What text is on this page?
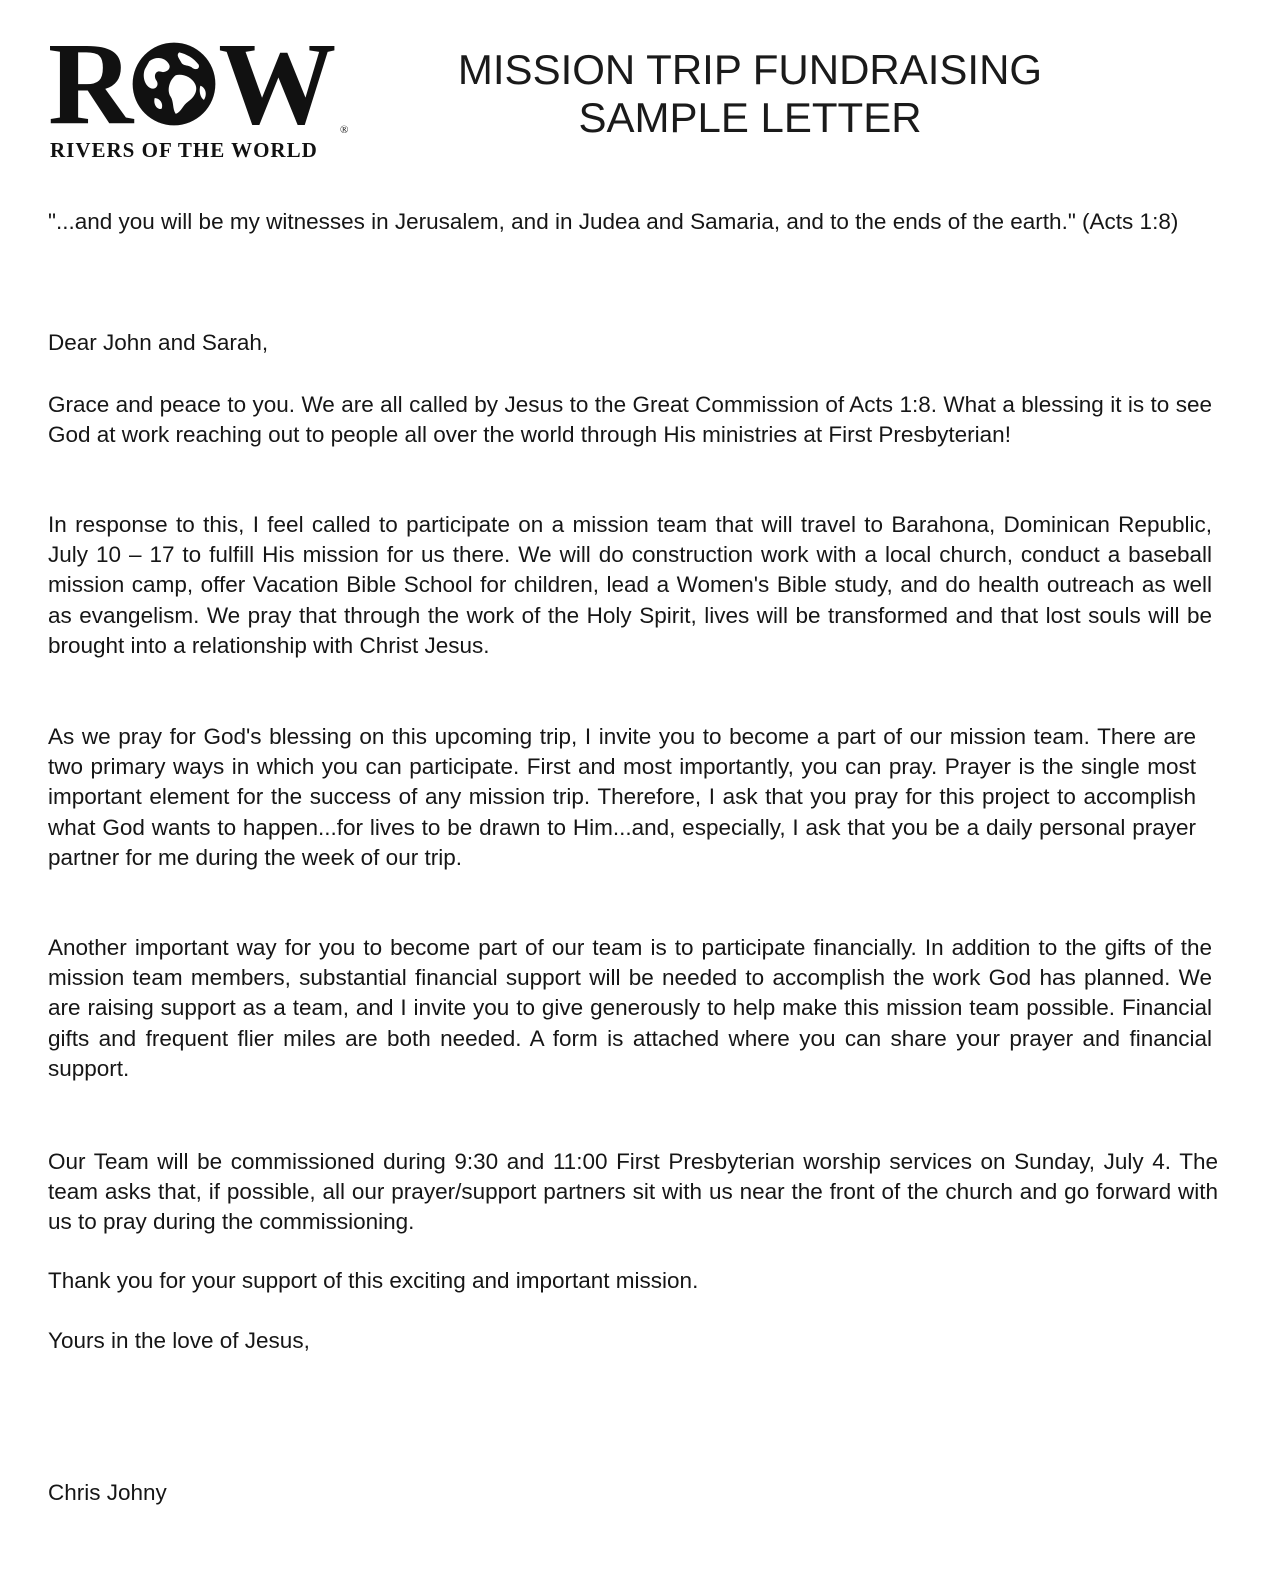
R W ®
RIVERS OF THE WORLD
MISSION TRIP FUNDRAISING
SAMPLE LETTER

"...and you will be my witnesses in Jerusalem, and in Judea and Samaria, and to the ends of the earth." (Acts 1:8)

Dear John and Sarah,

Grace and peace to you. We are all called by Jesus to the Great Commission of Acts 1:8. What a blessing it is to see God at work reaching out to people all over the world through His ministries at First Presbyterian!

In response to this, I feel called to participate on a mission team that will travel to Barahona, Dominican Republic, July 10 – 17 to fulfill His mission for us there. We will do construction work with a local church, conduct a baseball mission camp, offer Vacation Bible School for children, lead a Women's Bible study, and do health outreach as well as evangelism. We pray that through the work of the Holy Spirit, lives will be transformed and that lost souls will be brought into a relationship with Christ Jesus.

As we pray for God's blessing on this upcoming trip, I invite you to become a part of our mission team. There are two primary ways in which you can participate. First and most importantly, you can pray. Prayer is the single most important element for the success of any mission trip. Therefore, I ask that you pray for this project to accomplish what God wants to happen...for lives to be drawn to Him...and, especially, I ask that you be a daily personal prayer partner for me during the week of our trip.

Another important way for you to become part of our team is to participate financially. In addition to the gifts of the mission team members, substantial financial support will be needed to accomplish the work God has planned. We are raising support as a team, and I invite you to give generously to help make this mission team possible. Financial gifts and frequent flier miles are both needed. A form is attached where you can share your prayer and financial support.

Our Team will be commissioned during 9:30 and 11:00 First Presbyterian worship services on Sunday, July 4. The team asks that, if possible, all our prayer/support partners sit with us near the front of the church and go forward with us to pray during the commissioning.

Thank you for your support of this exciting and important mission.

Yours in the love of Jesus,

Chris Johny
